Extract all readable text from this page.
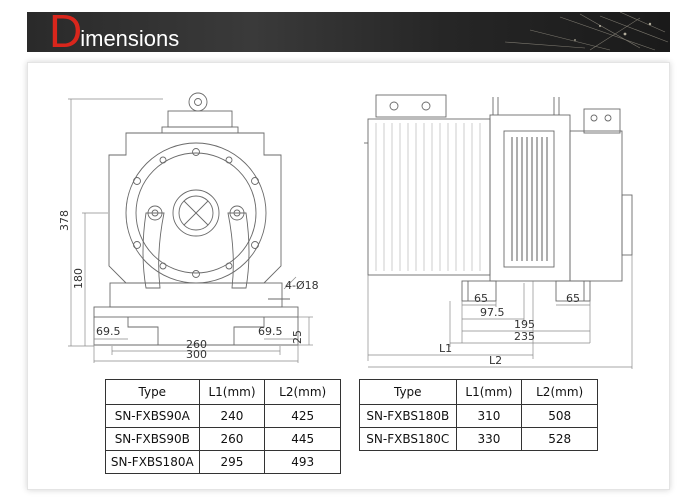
Dimensions
378
180	4-Ø18
69.5	69.5 25
260
300
65	65
97.5
195
235
L1
L2
Type	L1(mm)	L2(mm)
SN-FXBS90A	240	425
SN-FXBS90B	260	445
SN-FXBS180A	295	493
Type	L1(mm)	L2(mm)
SN-FXBS180B	310	508
SN-FXBS180C	330	528
